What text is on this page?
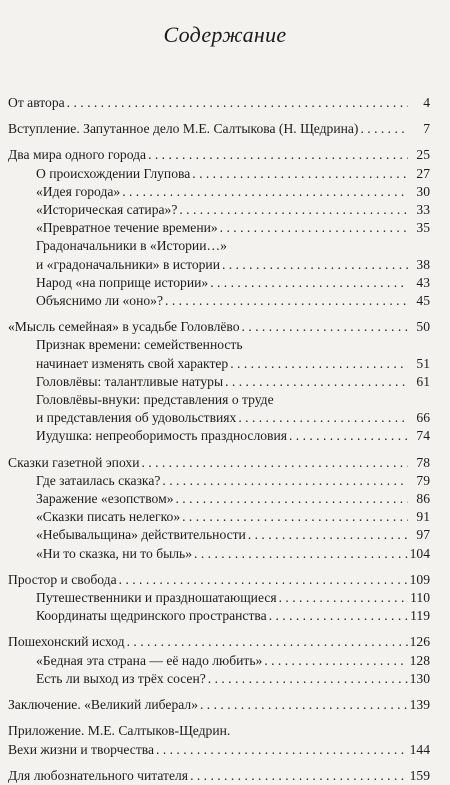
Содержание
От автора . . .	4
Вступление. Запутанное дело М.Е. Салтыкова (Н. Щедрина) . . .	7
Два мира одного города . . .	25
О происхождении Глупова . . .	27
«Идея города» . . .	30
«Историческая сатира»? . . .	33
«Превратное течение времени» . . .	35
Градоначальники в «Истории…»
и «градоначальники» в истории . . .	38
Народ «на поприще истории» . . .	43
Объяснимо ли «оно»? . . .	45
«Мысль семейная» в усадьбе Головлёво . . .	50
Признак времени: семейственность
начинает изменять свой характер . . .	51
Головлёвы: талантливые натуры . . .	61
Головлёвы-внуки: представления о труде
и представления об удовольствиях . . .	66
Иудушка: непреоборимость празднословия . . .	74
Сказки газетной эпохи . . .	78
Где затаилась сказка? . . .	79
Заражение «езопством» . . .	86
«Сказки писать нелегко» . . .	91
«Небывальщина» действительности . . .	97
«Ни то сказка, ни то быль» . . .	104
Простор и свобода . . .	109
Путешественники и празднoшатающиеся . . .	110
Координаты щедринского пространства . . .	119
Пошехонский исход . . .	126
«Бедная эта страна — её надо любить» . . .	128
Есть ли выход из трёх сосен? . . .	130
Заключение. «Великий либерал» . . .	139
Приложение. М.Е. Салтыков-Щедрин.
Вехи жизни и творчества . . .	144
Для любознательного читателя . . .	159
